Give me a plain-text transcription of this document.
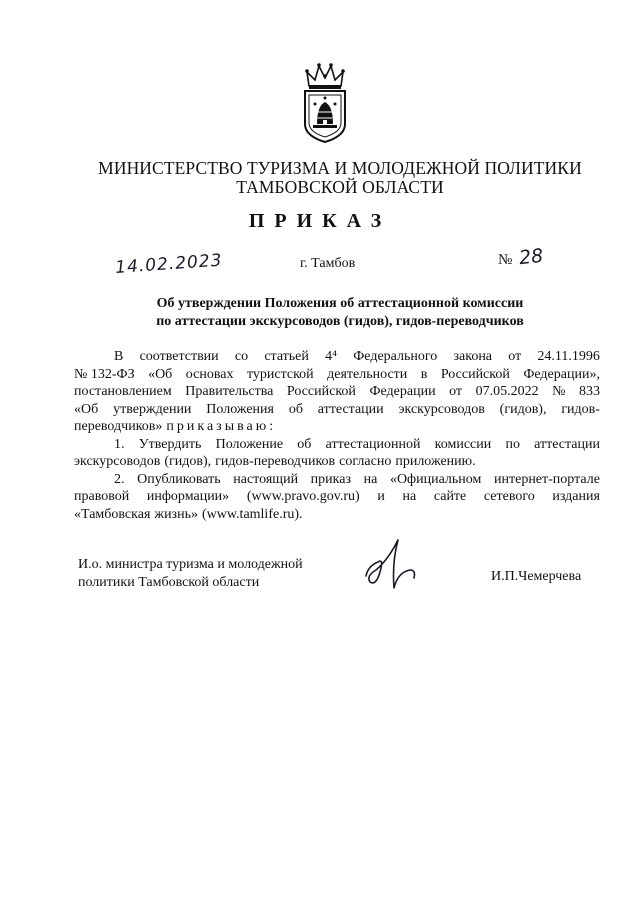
МИНИСТЕРСТВО ТУРИЗМА И МОЛОДЕЖНОЙ ПОЛИТИКИ
ТАМБОВСКОЙ ОБЛАСТИ
ПРИКАЗ
14.02.2023	г. Тамбов	№ 28
Об утверждении Положения об аттестационной комиссии
по аттестации экскурсоводов (гидов), гидов-переводчиков
В соответствии со статьей 4⁴ Федерального закона от 24.11.1996
№ 132-ФЗ «Об основах туристской деятельности в Российской Федерации»,
постановлением Правительства Российской Федерации от 07.05.2022 № 833
«Об утверждении Положения об аттестации экскурсоводов (гидов), гидов-
переводчиков» приказываю:
1. Утвердить Положение об аттестационной комиссии по аттестации
экскурсоводов (гидов), гидов-переводчиков согласно приложению.
2. Опубликовать настоящий приказ на «Официальном интернет-портале
правовой информации» (www.pravo.gov.ru) и на сайте сетевого издания
«Тамбовская жизнь» (www.tamlife.ru).
И.о. министра туризма и молодежной
политики Тамбовской области	И.П.Чемерчева
